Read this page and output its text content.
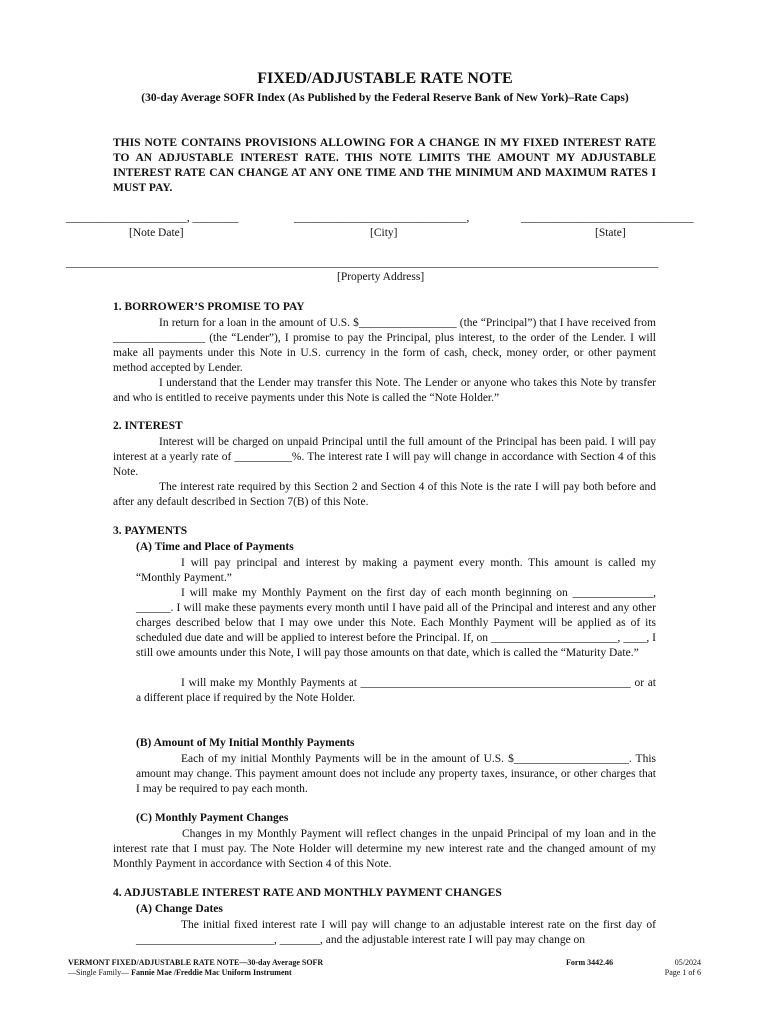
FIXED/ADJUSTABLE RATE NOTE
(30-day Average SOFR Index (As Published by the Federal Reserve Bank of New York)–Rate Caps)
THIS NOTE CONTAINS PROVISIONS ALLOWING FOR A CHANGE IN MY FIXED INTEREST RATE TO AN ADJUSTABLE INTEREST RATE. THIS NOTE LIMITS THE AMOUNT MY ADJUSTABLE INTEREST RATE CAN CHANGE AT ANY ONE TIME AND THE MINIMUM AND MAXIMUM RATES I MUST PAY.
_____________________, ________	______________________________,	______________________________
[Note Date]	[City]	[State]
_______________________________________________________________________________________________________
[Property Address]
1. BORROWER’S PROMISE TO PAY
In return for a loan in the amount of U.S. $_________________ (the “Principal”) that I have received from ________________ (the “Lender”), I promise to pay the Principal, plus interest, to the order of the Lender. I will make all payments under this Note in U.S. currency in the form of cash, check, money order, or other payment method accepted by Lender.
I understand that the Lender may transfer this Note. The Lender or anyone who takes this Note by transfer and who is entitled to receive payments under this Note is called the “Note Holder.”
2. INTEREST
Interest will be charged on unpaid Principal until the full amount of the Principal has been paid. I will pay interest at a yearly rate of __________%. The interest rate I will pay will change in accordance with Section 4 of this Note.
The interest rate required by this Section 2 and Section 4 of this Note is the rate I will pay both before and after any default described in Section 7(B) of this Note.
3. PAYMENTS
(A) Time and Place of Payments
I will pay principal and interest by making a payment every month. This amount is called my “Monthly Payment.”
I will make my Monthly Payment on the first day of each month beginning on ______________, ______. I will make these payments every month until I have paid all of the Principal and interest and any other charges described below that I may owe under this Note. Each Monthly Payment will be applied as of its scheduled due date and will be applied to interest before the Principal. If, on ______________________, ____, I still owe amounts under this Note, I will pay those amounts on that date, which is called the “Maturity Date.”
I will make my Monthly Payments at _______________________________________________ or at a different place if required by the Note Holder.
(B) Amount of My Initial Monthly Payments
Each of my initial Monthly Payments will be in the amount of U.S. $____________________. This amount may change. This payment amount does not include any property taxes, insurance, or other charges that I may be required to pay each month.
(C) Monthly Payment Changes
Changes in my Monthly Payment will reflect changes in the unpaid Principal of my loan and in the interest rate that I must pay. The Note Holder will determine my new interest rate and the changed amount of my Monthly Payment in accordance with Section 4 of this Note.
4. ADJUSTABLE INTEREST RATE AND MONTHLY PAYMENT CHANGES
(A) Change Dates
The initial fixed interest rate I will pay will change to an adjustable interest rate on the first day of ________________________, _______, and the adjustable interest rate I will pay may change on
VERMONT FIXED/ADJUSTABLE RATE NOTE—30-day Average SOFR
—Single Family— Fannie Mae /Freddie Mac Uniform Instrument
Form 3442.46	05/2024
Page 1 of 6
